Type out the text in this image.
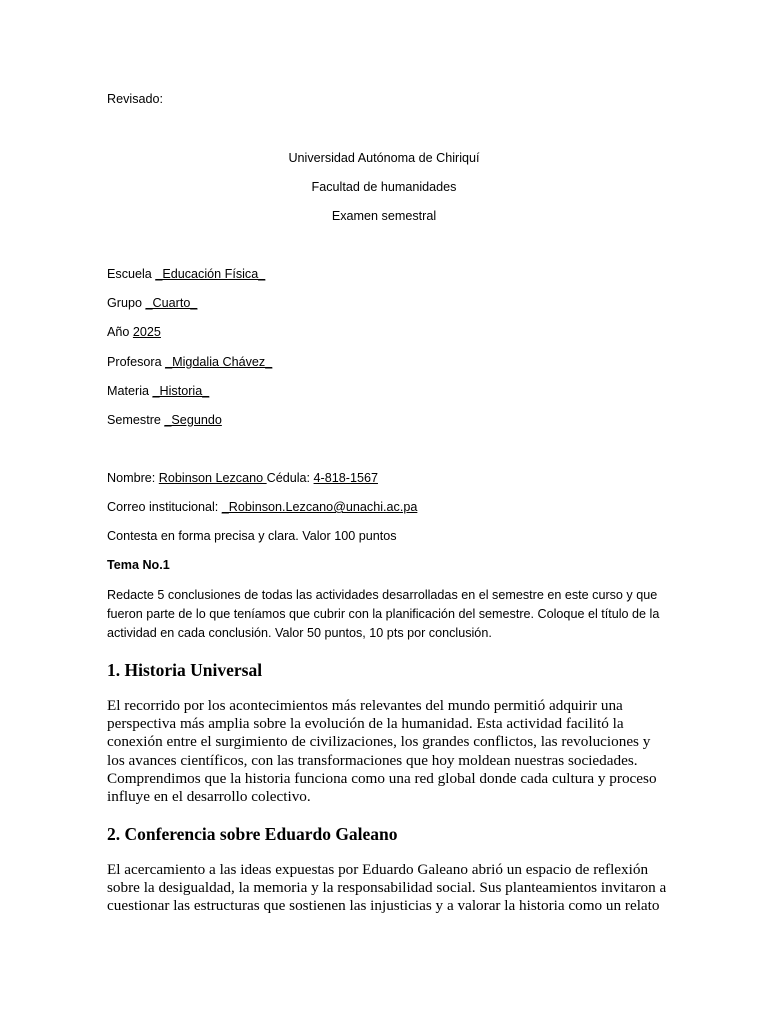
Revisado:
Universidad Autónoma de Chiriquí
Facultad de humanidades
Examen semestral
Escuela _Educación Física_
Grupo _Cuarto_
Año 2025
Profesora _Migdalia Chávez_
Materia _Historia_
Semestre _Segundo
Nombre: Robinson Lezcano Cédula: 4-818-1567
Correo institucional: _Robinson.Lezcano@unachi.ac.pa
Contesta en forma precisa y clara. Valor 100 puntos
Tema No.1
Redacte 5 conclusiones de todas las actividades desarrolladas en el semestre en este curso y que fueron parte de lo que teníamos que cubrir con la planificación del semestre. Coloque el título de la actividad en cada conclusión. Valor 50 puntos, 10 pts por conclusión.
1. Historia Universal
El recorrido por los acontecimientos más relevantes del mundo permitió adquirir una perspectiva más amplia sobre la evolución de la humanidad. Esta actividad facilitó la conexión entre el surgimiento de civilizaciones, los grandes conflictos, las revoluciones y los avances científicos, con las transformaciones que hoy moldean nuestras sociedades. Comprendimos que la historia funciona como una red global donde cada cultura y proceso influye en el desarrollo colectivo.
2. Conferencia sobre Eduardo Galeano
El acercamiento a las ideas expuestas por Eduardo Galeano abrió un espacio de reflexión sobre la desigualdad, la memoria y la responsabilidad social. Sus planteamientos invitaron a cuestionar las estructuras que sostienen las injusticias y a valorar la historia como un relato
